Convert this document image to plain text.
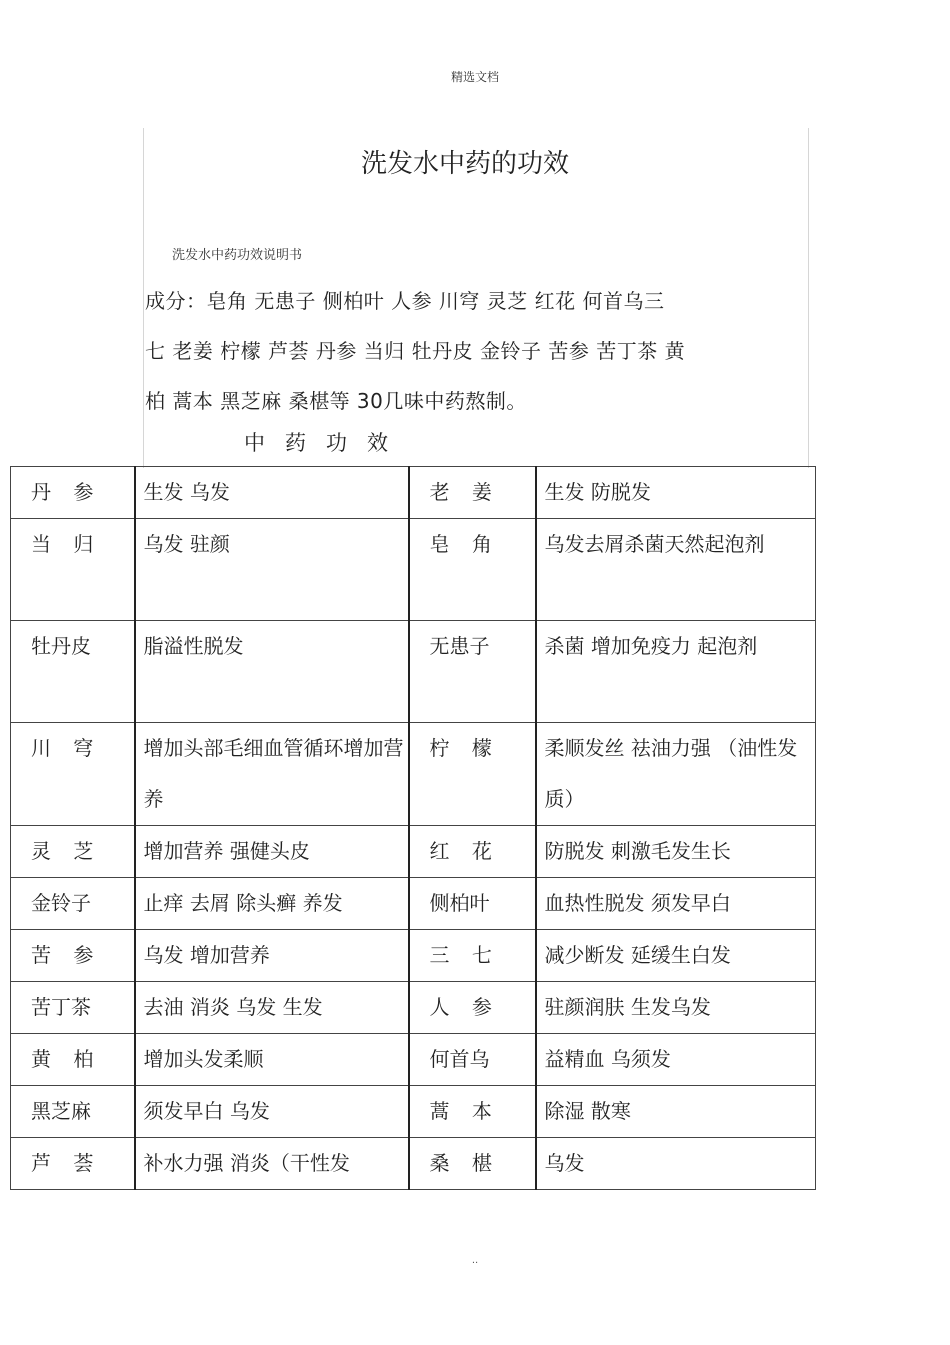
精选文档
洗发水中药的功效
洗发水中药功效说明书
成分：皂角 无患子 侧柏叶 人参 川穹 灵芝 红花 何首乌三
七 老姜 柠檬 芦荟 丹参 当归 牡丹皮 金铃子 苦参 苦丁茶 黄
柏 蒿本 黑芝麻 桑椹等 30几味中药熬制。
中药功效
丹 参	生发 乌发	老 姜	生发 防脱发
当 归	乌发 驻颜	皂 角	乌发去屑杀菌天然起泡剂
牡丹皮	脂溢性脱发	无患子	杀菌 增加免疫力 起泡剂
川 穹	增加头部毛细血管循环增加营养	柠 檬	柔顺发丝 祛油力强 （油性发质）
灵 芝	增加营养 强健头皮	红 花	防脱发 刺激毛发生长
金铃子	止痒 去屑 除头癣 养发	侧柏叶	血热性脱发 须发早白
苦 参	乌发 增加营养	三 七	减少断发 延缓生白发
苦丁茶	去油 消炎 乌发 生发	人 参	驻颜润肤 生发乌发
黄 柏	增加头发柔顺	何首乌	益精血 乌须发
黑芝麻	须发早白 乌发	蒿 本	除湿 散寒
芦 荟	补水力强 消炎（干性发	桑 椹	乌发
..
